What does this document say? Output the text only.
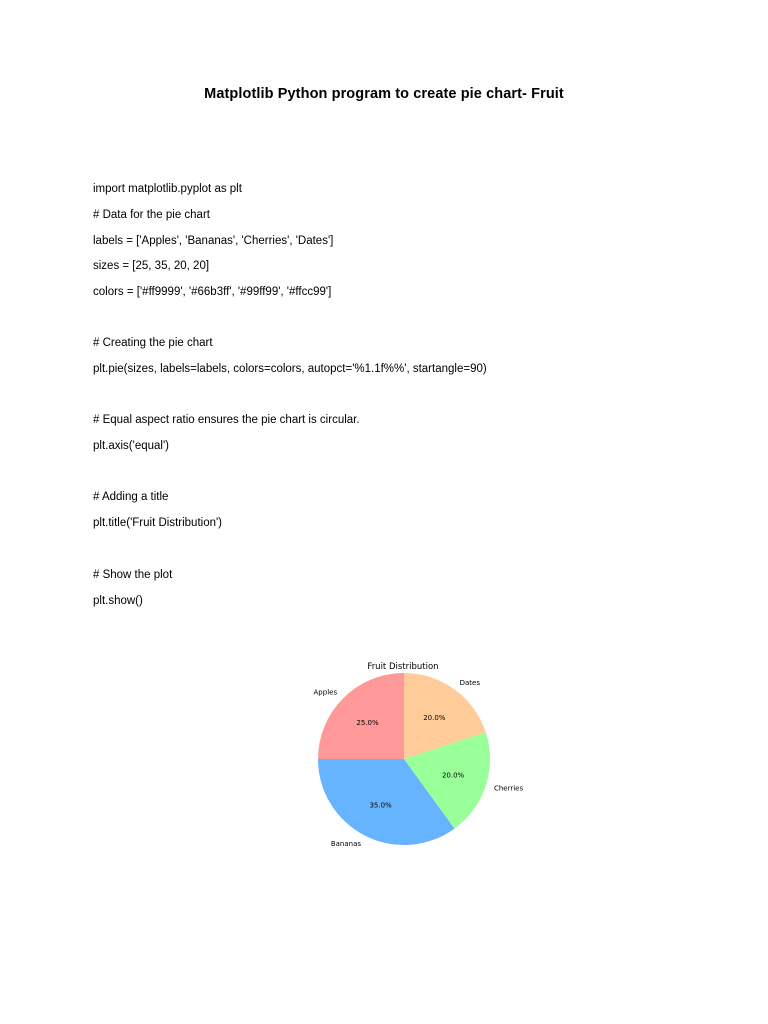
Matplotlib Python program to create pie chart- Fruit
import matplotlib.pyplot as plt
# Data for the pie chart
labels = ['Apples', 'Bananas', 'Cherries', 'Dates']
sizes = [25, 35, 20, 20]
colors = ['#ff9999', '#66b3ff', '#99ff99', '#ffcc99']
# Creating the pie chart
plt.pie(sizes, labels=labels, colors=colors, autopct='%1.1f%%', startangle=90)
# Equal aspect ratio ensures the pie chart is circular.
plt.axis('equal')
# Adding a title
plt.title('Fruit Distribution')
# Show the plot
plt.show()
Fruit Distribution
Apples
25.0%
Bananas
35.0%
Cherries
20.0%
Dates
20.0%
